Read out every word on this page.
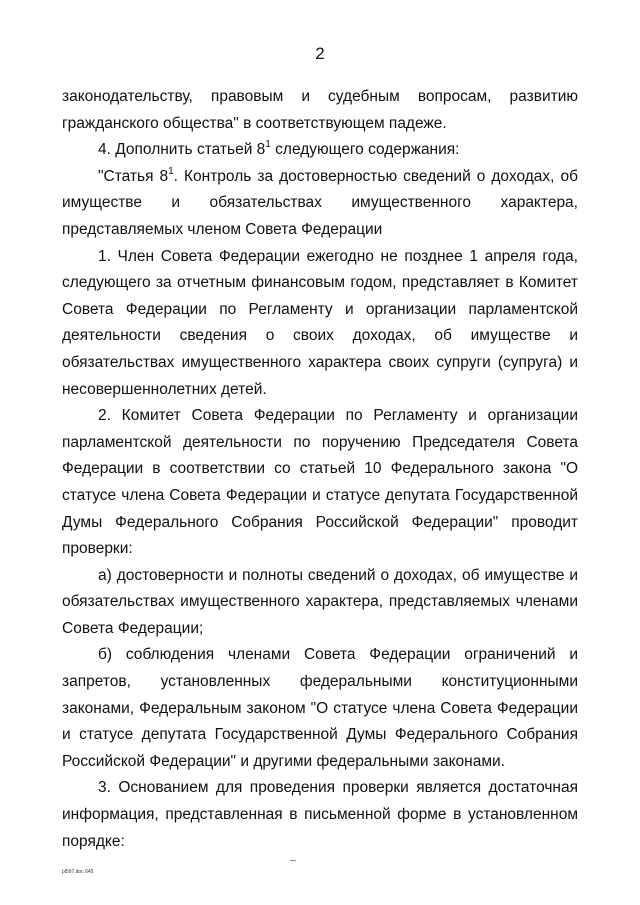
2

законодательству, правовым и судебным вопросам, развитию
гражданского общества" в соответствующем падеже.

4. Дополнить статьей $8^1$ следующего содержания:

"Статья $8^1$. Контроль за достоверностью сведений о доходах, об имуществе и обязательствах имущественного характера, представляемых членом Совета Федерации

1. Член Совета Федерации ежегодно не позднее 1 апреля года, следующего за отчетным финансовым годом, представляет в Комитет Совета Федерации по Регламенту и организации парламентской деятельности сведения о своих доходах, об имуществе и обязательствах имущественного характера своих супруги (супруга) и несовершеннолетних детей.

2. Комитет Совета Федерации по Регламенту и организации парламентской деятельности по поручению Председателя Совета Федерации в соответствии со статьей 10 Федерального закона "О статусе члена Совета Федерации и статусе депутата Государственной Думы Федерального Собрания Российской Федерации" проводит проверки:

а) достоверности и полноты сведений о доходах, об имуществе и обязательствах имущественного характера, представляемых членами Совета Федерации;

б) соблюдения членами Совета Федерации ограничений и запретов, установленных федеральными конституционными законами, Федеральным законом "О статусе члена Совета Федерации и статусе депутата Государственной Думы Федерального Собрания Российской Федерации" и другими федеральными законами.

3. Основанием для проведения проверки является достаточная информация, представленная в письменной форме в установленном порядке:

pl597.doc 645
